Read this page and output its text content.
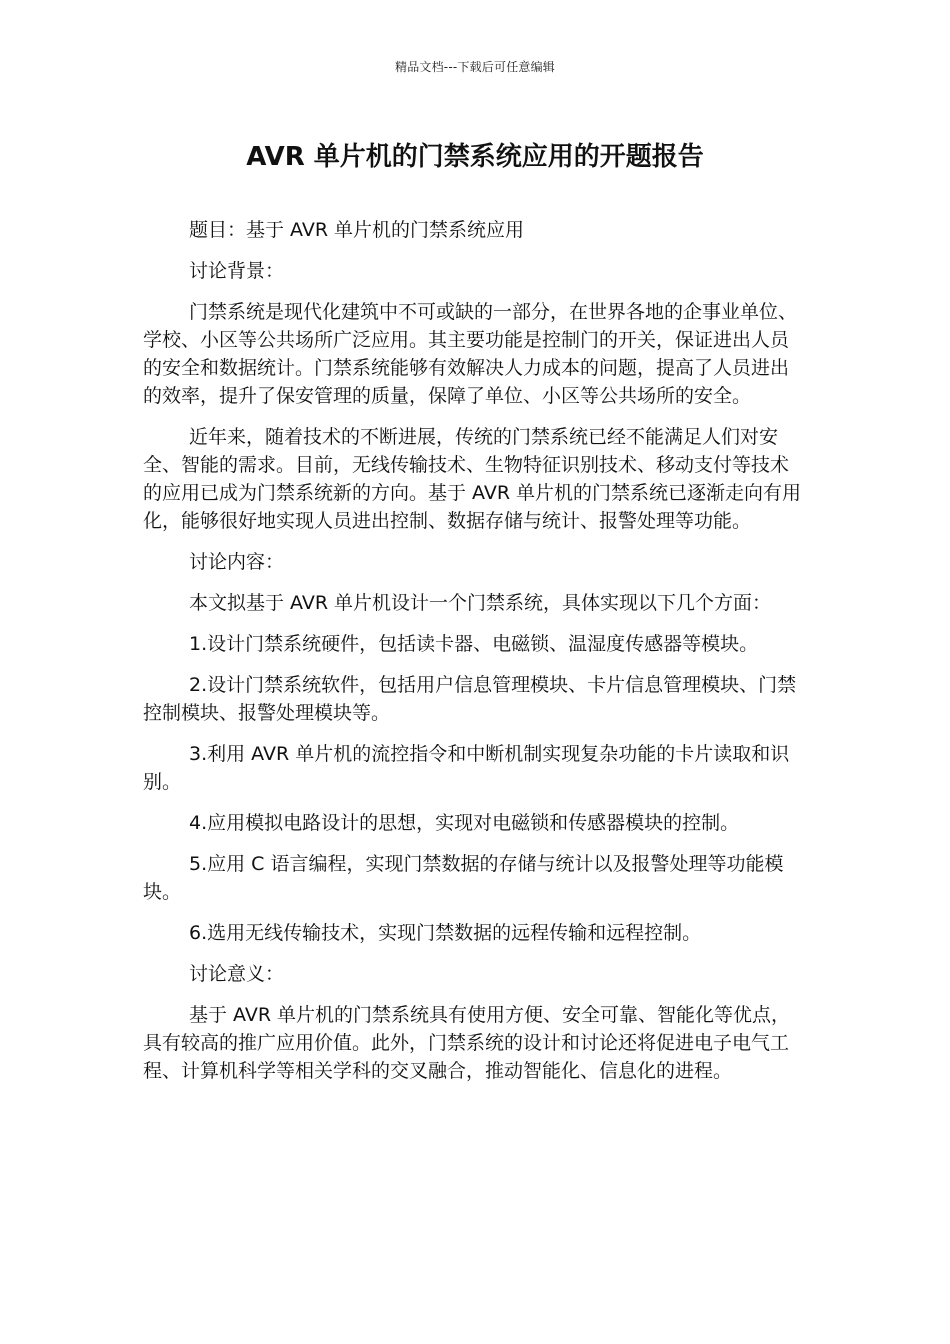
精品文档---下载后可任意编辑
AVR 单片机的门禁系统应用的开题报告

题目：基于 AVR 单片机的门禁系统应用

讨论背景：

门禁系统是现代化建筑中不可或缺的一部分，在世界各地的企事业单位、学校、小区等公共场所广泛应用。其主要功能是控制门的开关，保证进出人员的安全和数据统计。门禁系统能够有效解决人力成本的问题，提高了人员进出的效率，提升了保安管理的质量，保障了单位、小区等公共场所的安全。

近年来，随着技术的不断进展，传统的门禁系统已经不能满足人们对安全、智能的需求。目前，无线传输技术、生物特征识别技术、移动支付等技术的应用已成为门禁系统新的方向。基于 AVR 单片机的门禁系统已逐渐走向有用化，能够很好地实现人员进出控制、数据存储与统计、报警处理等功能。

讨论内容：

本文拟基于 AVR 单片机设计一个门禁系统，具体实现以下几个方面：

1.设计门禁系统硬件，包括读卡器、电磁锁、温湿度传感器等模块。

2.设计门禁系统软件，包括用户信息管理模块、卡片信息管理模块、门禁控制模块、报警处理模块等。

3.利用 AVR 单片机的流控指令和中断机制实现复杂功能的卡片读取和识别。

4.应用模拟电路设计的思想，实现对电磁锁和传感器模块的控制。

5.应用 C 语言编程，实现门禁数据的存储与统计以及报警处理等功能模块。

6.选用无线传输技术，实现门禁数据的远程传输和远程控制。

讨论意义：

基于 AVR 单片机的门禁系统具有使用方便、安全可靠、智能化等优点，具有较高的推广应用价值。此外，门禁系统的设计和讨论还将促进电子电气工程、计算机科学等相关学科的交叉融合，推动智能化、信息化的进程。
